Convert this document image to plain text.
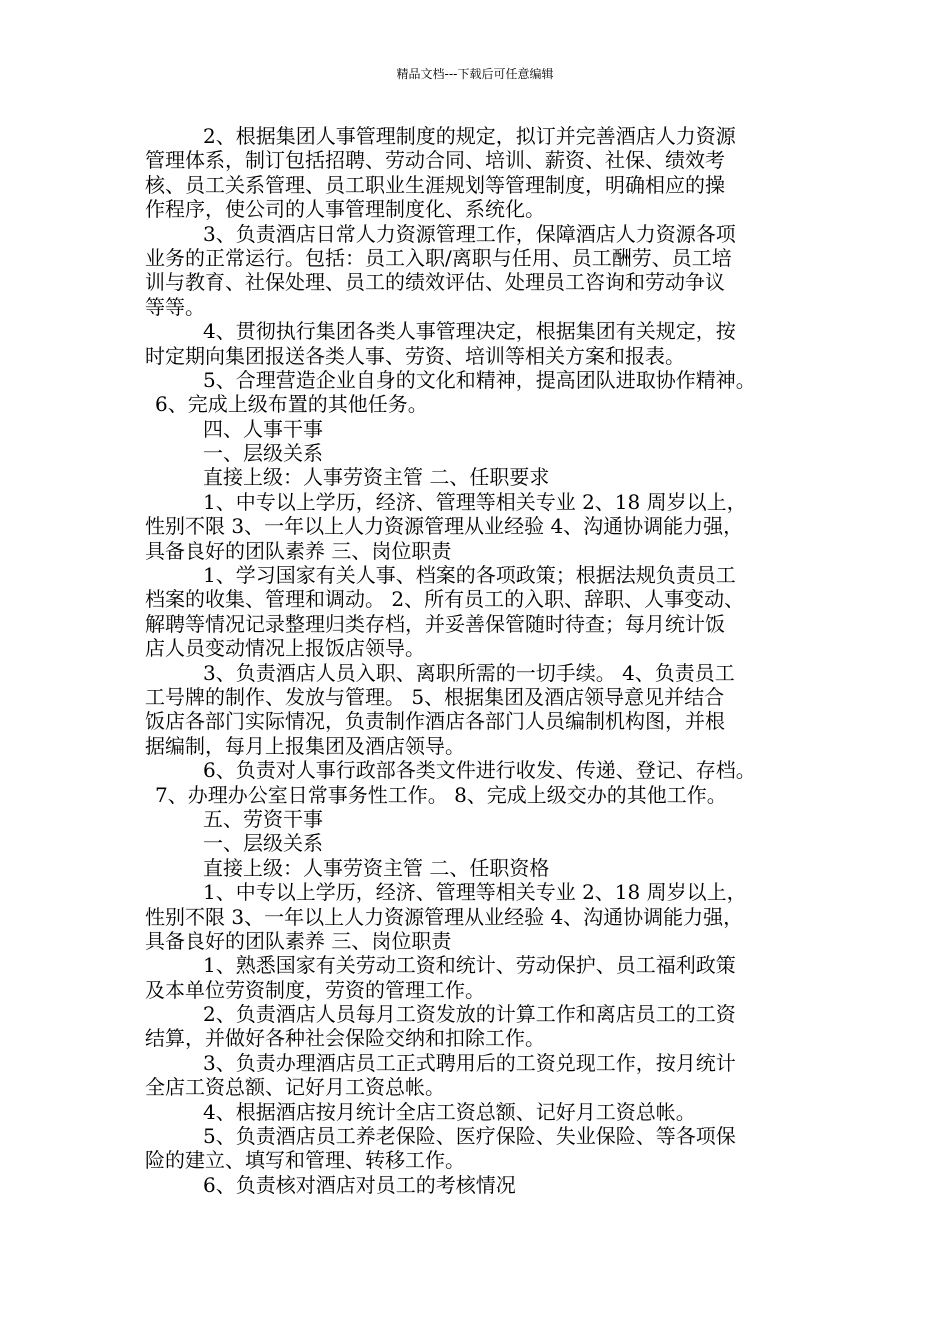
精品文档---下载后可任意编辑
2、根据集团人事管理制度的规定，拟订并完善酒店人力资源
管理体系，制订包括招聘、劳动合同、培训、薪资、社保、绩效考
核、员工关系管理、员工职业生涯规划等管理制度，明确相应的操
作程序，使公司的人事管理制度化、系统化。
3、负责酒店日常人力资源管理工作，保障酒店人力资源各项
业务的正常运行。包括：员工入职/离职与任用、员工酬劳、员工培
训与教育、社保处理、员工的绩效评估、处理员工咨询和劳动争议
等等。
4、贯彻执行集团各类人事管理决定，根据集团有关规定，按
时定期向集团报送各类人事、劳资、培训等相关方案和报表。
5、合理营造企业自身的文化和精神，提高团队进取协作精神。
6、完成上级布置的其他任务。
四、人事干事
一、层级关系
直接上级：人事劳资主管 二、任职要求
1、中专以上学历，经济、管理等相关专业 2、18 周岁以上，
性别不限 3、一年以上人力资源管理从业经验 4、沟通协调能力强，
具备良好的团队素养 三、岗位职责
1、学习国家有关人事、档案的各项政策；根据法规负责员工
档案的收集、管理和调动。 2、所有员工的入职、辞职、人事变动、
解聘等情况记录整理归类存档，并妥善保管随时待查；每月统计饭
店人员变动情况上报饭店领导。
3、负责酒店人员入职、离职所需的一切手续。 4、负责员工
工号牌的制作、发放与管理。 5、根据集团及酒店领导意见并结合
饭店各部门实际情况，负责制作酒店各部门人员编制机构图，并根
据编制，每月上报集团及酒店领导。
6、负责对人事行政部各类文件进行收发、传递、登记、存档。
7、办理办公室日常事务性工作。 8、完成上级交办的其他工作。
五、劳资干事
一、层级关系
直接上级：人事劳资主管 二、任职资格
1、中专以上学历，经济、管理等相关专业 2、18 周岁以上，
性别不限 3、一年以上人力资源管理从业经验 4、沟通协调能力强，
具备良好的团队素养 三、岗位职责
1、熟悉国家有关劳动工资和统计、劳动保护、员工福利政策
及本单位劳资制度，劳资的管理工作。
2、负责酒店人员每月工资发放的计算工作和离店员工的工资
结算，并做好各种社会保险交纳和扣除工作。
3、负责办理酒店员工正式聘用后的工资兑现工作，按月统计
全店工资总额、记好月工资总帐。
4、根据酒店按月统计全店工资总额、记好月工资总帐。
5、负责酒店员工养老保险、医疗保险、失业保险、等各项保
险的建立、填写和管理、转移工作。
6、负责核对酒店对员工的考核情况
